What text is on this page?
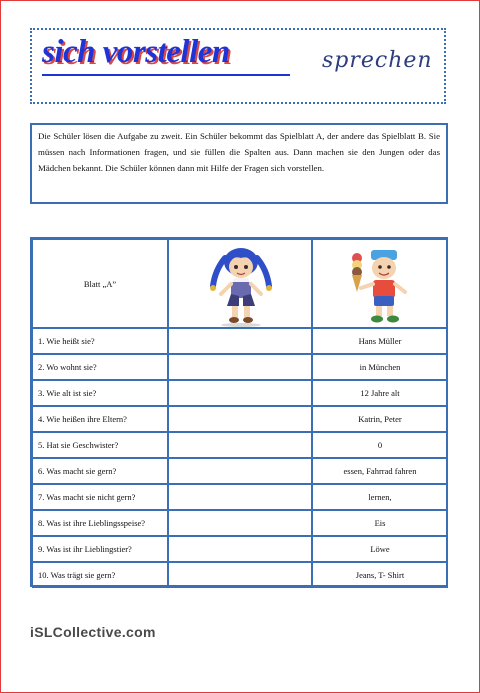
sich vorstellen	sprechen
Die Schüler lösen die Aufgabe zu zweit. Ein Schüler bekommt das Spielblatt A, der andere das Spielblatt B. Sie müssen nach Informationen fragen, und sie füllen die Spalten aus. Dann machen sie den Jungen oder das Mädchen bekannt. Die Schüler können dann mit Hilfe der Fragen sich vorstellen.
Blatt „A”
1. Wie heißt sie?	Hans Müller
2. Wo wohnt sie?	in München
3. Wie alt ist sie?	12 Jahre alt
4. Wie heißen ihre Eltern?	Katrin, Peter
5. Hat sie Geschwister?	0
6. Was macht sie gern?	essen, Fahrrad fahren
7. Was macht sie nicht gern?	lernen,
8. Was ist ihre Lieblingsspeise?	Eis
9. Was ist ihr Lieblingstier?	Löwe
10. Was trägt sie gern?	Jeans, T- Shirt
iSLCollective.com
